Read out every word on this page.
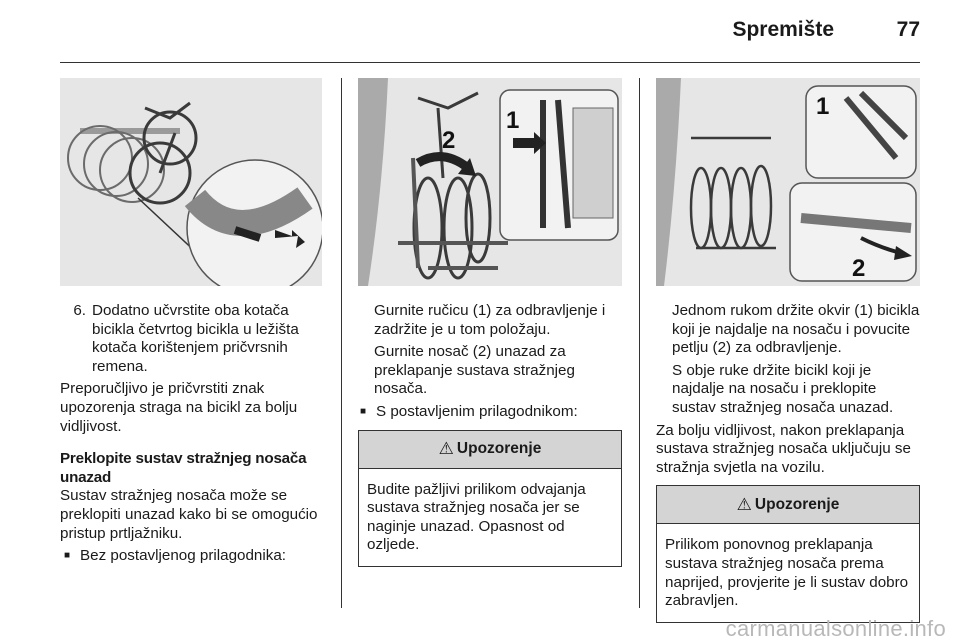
Spremište	77
6. Dodatno učvrstite oba kotača bicikla četvrtog bicikla u ležišta kotača korištenjem pričvrsnih remena.

Preporučljivo je pričvrstiti znak upozorenja straga na bicikl za bolju vidljivost.

Preklopite sustav stražnjeg nosača unazad

Sustav stražnjeg nosača može se preklopiti unazad kako bi se omogućio pristup prtljažniku.

■ Bez postavljenog prilagodnika:
2
1

Gurnite ručicu (1) za odbravljenje i zadržite je u tom položaju.

Gurnite nosač (2) unazad za preklapanje sustava stražnjeg nosača.

■ S postavljenim prilagodnikom:
⚠ Upozorenje
Budite pažljivi prilikom odvajanja sustava stražnjeg nosača jer se naginje unazad. Opasnost od ozljede.
1
2

Jednom rukom držite okvir (1) bicikla koji je najdalje na nosaču i povucite petlju (2) za odbravljenje.

S obje ruke držite bicikl koji je najdalje na nosaču i preklopite sustav stražnjeg nosača unazad.

Za bolju vidljivost, nakon preklapanja sustava stražnjeg nosača uključuju se stražnja svjetla na vozilu.

⚠ Upozorenje
Prilikom ponovnog preklapanja sustava stražnjeg nosača prema naprijed, provjerite je li sustav dobro zabravljen.
carmanualsonline.info
